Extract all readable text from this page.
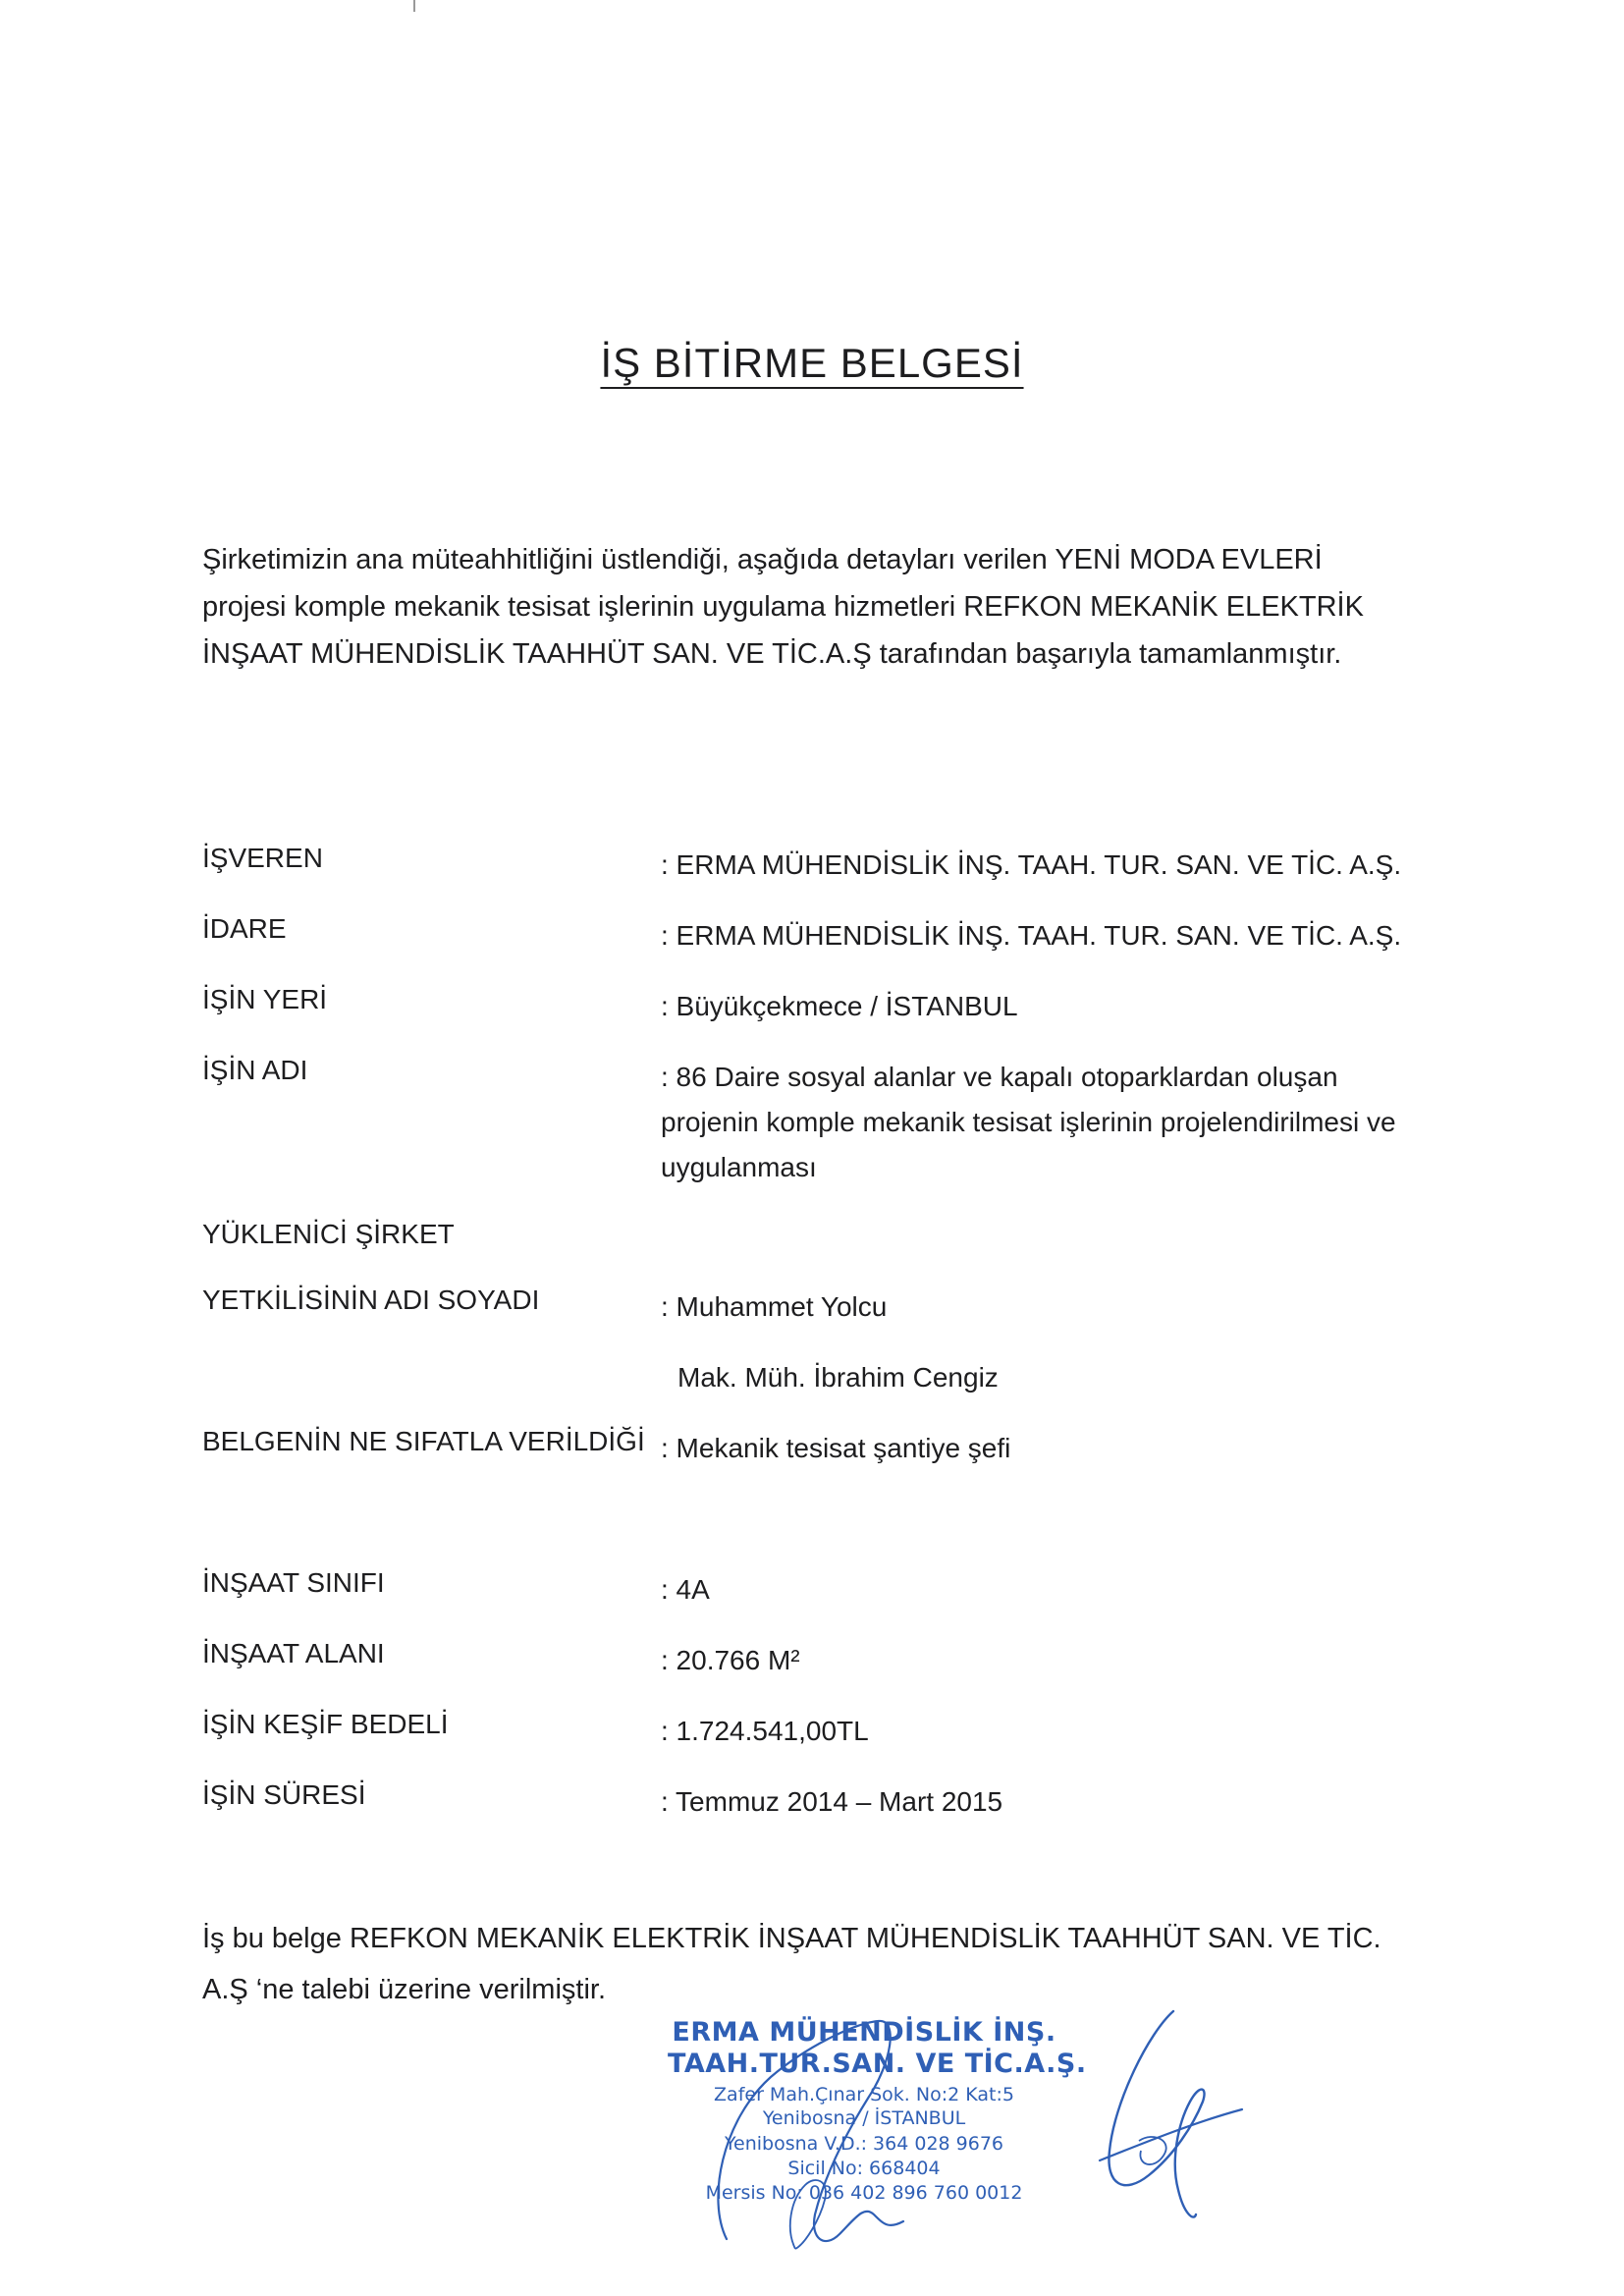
İŞ BİTİRME BELGESİ

Şirketimizin ana müteahhitliğini üstlendiği, aşağıda detayları verilen YENİ MODA EVLERİ projesi komple mekanik tesisat işlerinin uygulama hizmetleri REFKON MEKANİK ELEKTRİK İNŞAAT MÜHENDİSLİK TAAHHÜT SAN. VE TİC.A.Ş tarafından başarıyla tamamlanmıştır.

İŞVEREN	: ERMA MÜHENDİSLİK İNŞ. TAAH. TUR. SAN. VE TİC. A.Ş.
İDARE	: ERMA MÜHENDİSLİK İNŞ. TAAH. TUR. SAN. VE TİC. A.Ş.
İŞİN YERİ	: Büyükçekmece / İSTANBUL
İŞİN ADI	: 86 Daire sosyal alanlar ve kapalı otoparklardan oluşan projenin komple mekanik tesisat işlerinin projelendirilmesi ve uygulanması
YÜKLENİCİ ŞİRKET
YETKİLİSİNİN ADI SOYADI	: Muhammet Yolcu
Mak. Müh. İbrahim Cengiz
BELGENİN NE SIFATLA VERİLDİĞİ : Mekanik tesisat şantiye şefi
İNŞAAT SINIFI	: 4A
İNŞAAT ALANI	: 20.766 M²
İŞİN KEŞİF BEDELİ	: 1.724.541,00TL
İŞİN SÜRESİ	: Temmuz 2014 – Mart 2015

İş bu belge REFKON MEKANİK ELEKTRİK İNŞAAT MÜHENDİSLİK TAAHHÜT SAN. VE TİC. A.Ş ‘ne talebi üzerine verilmiştir.

ERMA MÜHENDİSLİK İNŞ.
TAAH.TUR.SAN. VE TİC.A.Ş.
Zafer Mah.Çınar Sok. No:2 Kat:5
Yenibosna / İSTANBUL
Yenibosna V.D.: 364 028 9676
Sicil No: 668404
Mersis No: 036 402 896 760 0012
